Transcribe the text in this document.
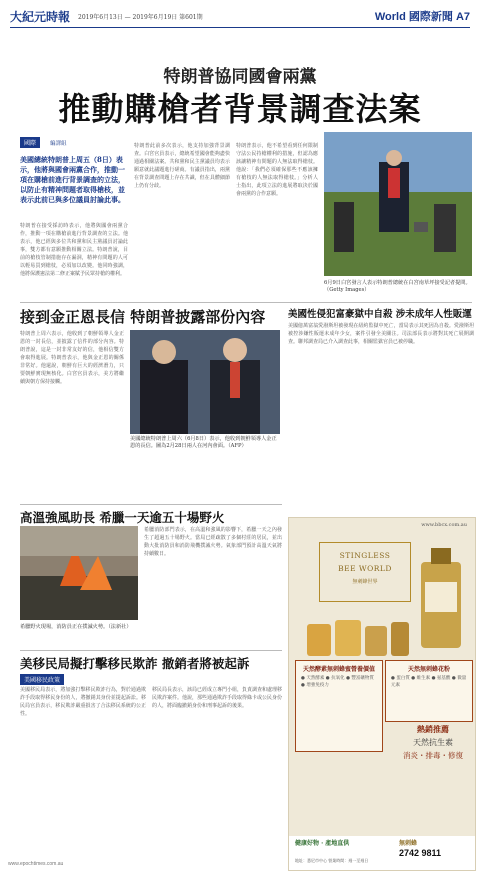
大紀元時報 2019年6月13日 — 2019年6月19日 第601期	World 國際新聞 A7
特朗普協同國會兩黨
推動購槍者背景調查法案
國際	編譯組
美國總統特朗普上周五（8日）表示，他將與國會兩黨合作，推動一項在購槍前進行背景調查的立法，以防止有精神問題者取得槍枝，並表示此前已與多位議員討論此事。
特朗普在接受採訪時表示，他將與國會兩黨合作，推動一項在購槍前進行背景調查的立法。他表示，他已經與多位共和黨和民主黨議員討論此事，雙方都有意願推動相關立法。特朗普說，目前的槍枝管制措施存在漏洞，精神有問題的人可以輕易買到槍枝，必須加以改變。他同時強調，他將保護憲法第二修正案賦予民眾持槍的權利。
特朗普此前多次表示，他支持加強背景調查。白宮官員表示，總統希望國會能夠盡快通過相關法案。共和黨和民主黨議員均表示願意就此議題進行磋商。有議員指出，兩黨在背景調查問題上存在共識，但在具體細節上仍有分歧。
特朗普表示，他不希望看到任何限制守法公民持槍權利的措施，但認為應該讓精神有問題的人無法取得槍枝。他說：「我們必須確保那些不應該擁有槍枝的人無法取得槍枝。」分析人士指出，此項立法的進展將取決於國會兩黨的合作意願。
6月9日白宮發言人表示特朗普總統在白宮南草坪接受記者提問。（Getty Images）
接到金正恩長信 特朗普披露部份內容
特朗普上周六表示，他收到了朝鮮領導人金正恩的一封長信，並披露了信件的部分內容。特朗普說，這是一封非常友好的信，他相信雙方會取得進展。特朗普表示，他與金正恩的關係非常好。他還說，朝鮮有巨大的經濟潛力，只要朝鮮實現無核化。白宮官員表示，美方將繼續與朝方保持接觸。
美國總統特朗普上周六（6月8日）表示，他收到朝鮮領導人金正恩的長信。圖為2月28日兩人在河內會面。（AFP）
美國性侵犯富豪獄中自殺 涉未成年人性販運
美國億萬富翁愛潑斯坦被發現在紐約監獄中死亡，當局表示其死因為自殺。愛潑斯坦被控涉嫌性販運未成年少女，案件引發全美關注。司法部長表示將對其死亡展開調查。聯邦調查局已介入調查此事，相關監獄官員已被停職。
高溫強風助長 希臘一天逾五十場野火
希臘野火現場，消防員正在撲滅火勢。（法新社）
希臘消防部門表示，在高溫和強風的影響下，希臘一天之內發生了超過五十場野火。當局已經疏散了多個村莊的居民，並出動大批消防員和消防飛機撲滅火勢。氣象部門預計高溫天氣將持續數日。
美移民局擬打擊移民欺詐 撤銷者將被起訴
美國移民政策
美國移民局表示，將加強打擊移民欺詐行為，對於通過欺詐手段取得移民身份的人，將撤銷其身份並提起訴訟。移民局官員表示，移民欺詐嚴重損害了合法移民系統的公正性。
移民局長表示，該局已經成立專門小組，負責調查和處理移民欺詐案件。他說，那些通過欺詐手段取得綠卡或公民身份的人，將面臨撤銷身份和刑事起訴的後果。
www.bbcx.com.au
STINGLESS
BEE WORLD
無刺蜂世界
天然酵素無刺蜂蜜營養價值
● 天然酵素 ● 抗氧化 ● 豐富礦物質 ● 增強免疫力
天然無刺蜂花粉
● 蛋白質 ● 維生素 ● 氨基酸 ● 微量元素
熱銷推薦
天然抗生素
消炎・排毒・修復
健康好物 · 產地直供	無刺蜂
2742 9811
地址：悉尼市中心 營業時間：週一至週日
www.epochtimes.com.au
